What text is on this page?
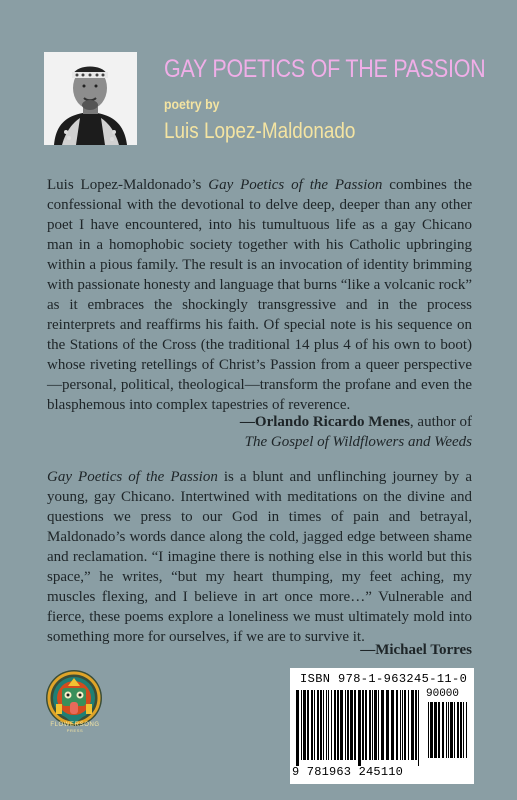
GAY POETICS OF THE PASSION
poetry by
Luis Lopez-Maldonado

Luis Lopez-Maldonado’s Gay Poetics of the Passion combines the confessional with the devotional to delve deep, deeper than any other poet I have encountered, into his tumultuous life as a gay Chicano man in a homophobic society together with his Catholic upbringing within a pious family. The result is an invocation of identity brimming with passionate honesty and language that burns “like a volcanic rock” as it embraces the shockingly transgressive and in the process reinterprets and reaffirms his faith. Of special note is his sequence on the Stations of the Cross (the traditional 14 plus 4 of his own to boot) whose riveting retellings of Christ’s Passion from a queer perspective—personal, political, theological—transform the profane and even the blasphemous into complex tapestries of reverence.

—Orlando Ricardo Menes, author of
The Gospel of Wildflowers and Weeds

Gay Poetics of the Passion is a blunt and unflinching journey by a young, gay Chicano. Intertwined with meditations on the divine and questions we press to our God in times of pain and betrayal, Maldonado’s words dance along the cold, jagged edge between shame and reclamation. “I imagine there is nothing else in this world but this space,” he writes, “but my heart thumping, my feet aching, my muscles flexing, and I believe in art once more…” Vulnerable and fierce, these poems explore a loneliness we must ultimately mold into something more for ourselves, if we are to survive it.

—Michael Torres
FLOWERSONG
PRESS
ISBN 978-1-963245-11-0
90000
9 781963 245110
